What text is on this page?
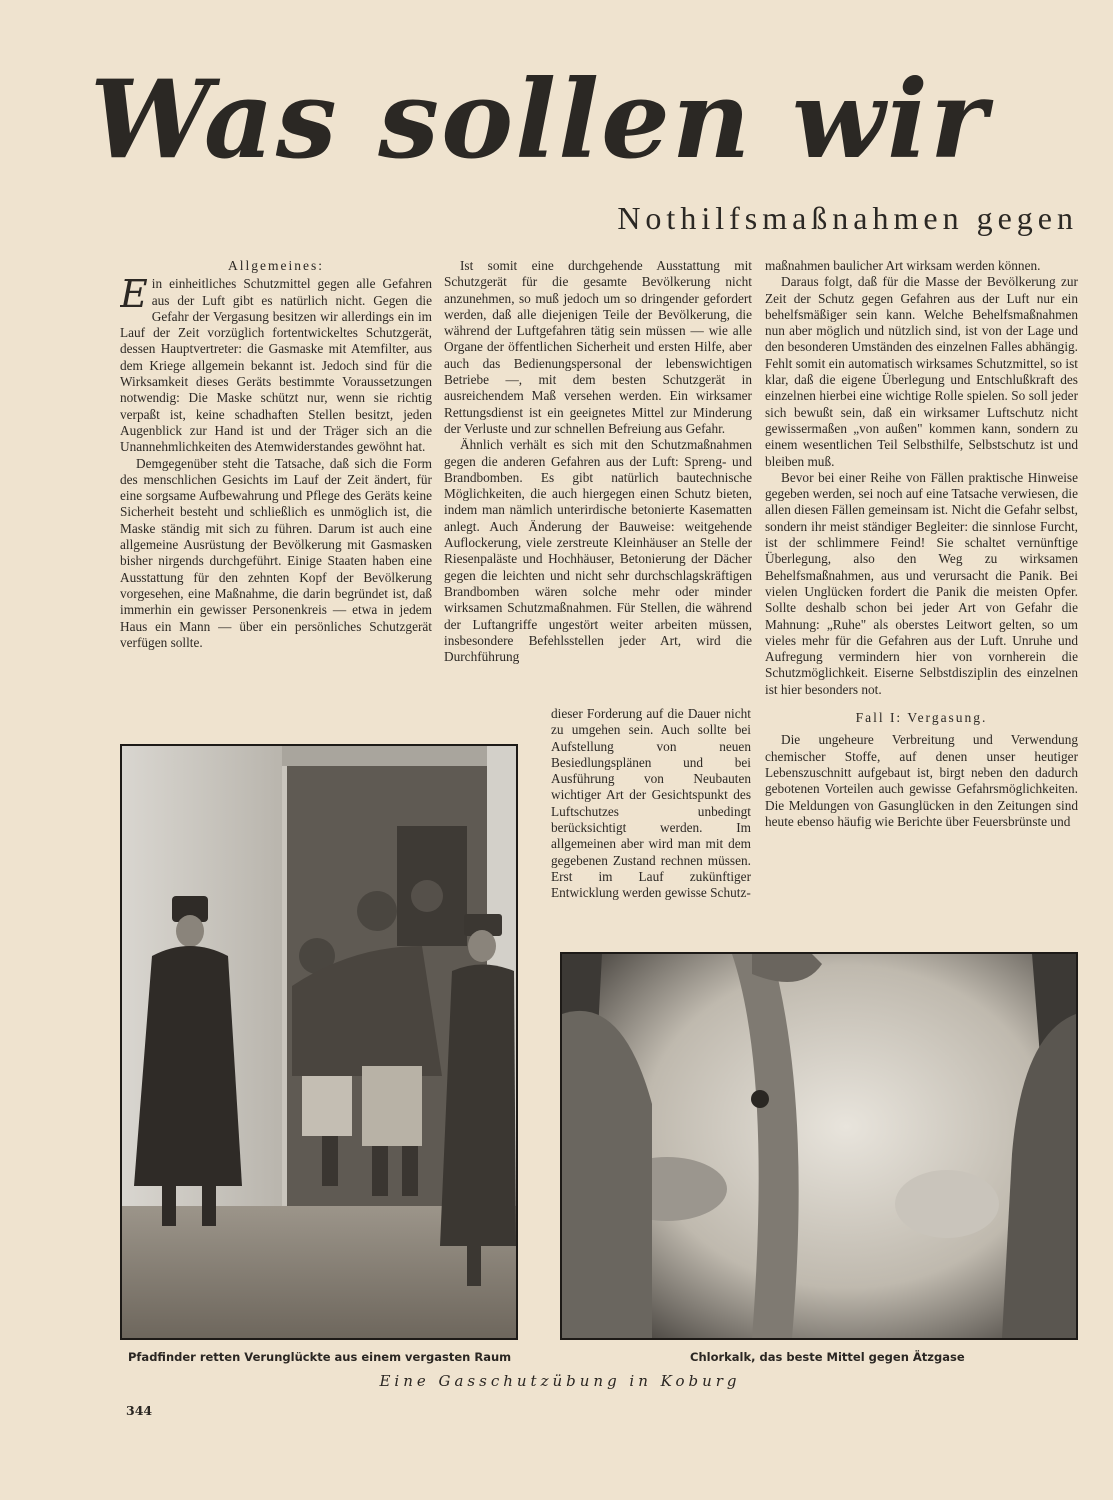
Was sollen wir
Nothilfsmaßnahmen gegen
Allgemeines:

Ein einheitliches Schutzmittel gegen alle Gefahren aus der Luft gibt es natürlich nicht. Gegen die Gefahr der Vergasung besitzen wir allerdings ein im Lauf der Zeit vorzüglich fortentwickeltes Schutzgerät, dessen Hauptvertreter: die Gasmaske mit Atemfilter, aus dem Kriege allgemein bekannt ist. Jedoch sind für die Wirksamkeit dieses Geräts bestimmte Voraussetzungen notwendig: Die Maske schützt nur, wenn sie richtig verpaßt ist, keine schadhaften Stellen besitzt, jeden Augenblick zur Hand ist und der Träger sich an die Unannehmlichkeiten des Atemwiderstandes gewöhnt hat.

Demgegenüber steht die Tatsache, daß sich die Form des menschlichen Gesichts im Lauf der Zeit ändert, für eine sorgsame Aufbewahrung und Pflege des Geräts keine Sicherheit besteht und schließlich es unmöglich ist, die Maske ständig mit sich zu führen. Darum ist auch eine allgemeine Ausrüstung der Bevölkerung mit Gasmasken bisher nirgends durchgeführt. Einige Staaten haben eine Ausstattung für den zehnten Kopf der Bevölkerung vorgesehen, eine Maßnahme, die darin begründet ist, daß immerhin ein gewisser Personenkreis — etwa in jedem Haus ein Mann — über ein persönliches Schutzgerät verfügen sollte.

Ist somit eine durchgehende Ausstattung mit Schutzgerät für die gesamte Bevölkerung nicht anzunehmen, so muß jedoch um so dringender gefordert werden, daß alle diejenigen Teile der Bevölkerung, die während der Luftgefahren tätig sein müssen — wie alle Organe der öffentlichen Sicherheit und ersten Hilfe, aber auch das Bedienungspersonal der lebenswichtigen Betriebe —, mit dem besten Schutzgerät in ausreichendem Maß versehen werden. Ein wirksamer Rettungsdienst ist ein geeignetes Mittel zur Minderung der Verluste und zur schnellen Befreiung aus Gefahr.

Ähnlich verhält es sich mit den Schutzmaßnahmen gegen die anderen Gefahren aus der Luft: Spreng- und Brandbomben. Es gibt natürlich bautechnische Möglichkeiten, die auch hiergegen einen Schutz bieten, indem man nämlich unterirdische betonierte Kasematten anlegt. Auch Änderung der Bauweise: weitgehende Auflockerung, viele zerstreute Kleinhäuser an Stelle der Riesenpaläste und Hochhäuser, Betonierung der Dächer gegen die leichten und nicht sehr durchschlagskräftigen Brandbomben wären solche mehr oder minder wirksamen Schutzmaßnahmen. Für Stellen, die während der Luftangriffe ungestört weiter arbeiten müssen, insbesondere Befehlsstellen jeder Art, wird die Durchführung

dieser Forderung auf die Dauer nicht zu umgehen sein. Auch sollte bei Aufstellung von neuen Besiedlungsplänen und bei Ausführung von Neubauten wichtiger Art der Gesichtspunkt des Luftschutzes unbedingt berücksichtigt werden. Im allgemeinen aber wird man mit dem gegebenen Zustand rechnen müssen. Erst im Lauf zukünftiger Entwicklung werden gewisse Schutz-

maßnahmen baulicher Art wirksam werden können.

Daraus folgt, daß für die Masse der Bevölkerung zur Zeit der Schutz gegen Gefahren aus der Luft nur ein behelfsmäßiger sein kann. Welche Behelfsmaßnahmen nun aber möglich und nützlich sind, ist von der Lage und den besonderen Umständen des einzelnen Falles abhängig. Fehlt somit ein automatisch wirksames Schutzmittel, so ist klar, daß die eigene Überlegung und Entschlußkraft des einzelnen hierbei eine wichtige Rolle spielen. So soll jeder sich bewußt sein, daß ein wirksamer Luftschutz nicht gewissermaßen „von außen" kommen kann, sondern zu einem wesentlichen Teil Selbsthilfe, Selbstschutz ist und bleiben muß.

Bevor bei einer Reihe von Fällen praktische Hinweise gegeben werden, sei noch auf eine Tatsache verwiesen, die allen diesen Fällen gemeinsam ist. Nicht die Gefahr selbst, sondern ihr meist ständiger Begleiter: die sinnlose Furcht, ist der schlimmere Feind! Sie schaltet vernünftige Überlegung, also den Weg zu wirksamen Behelfsmaßnahmen, aus und verursacht die Panik. Bei vielen Unglücken fordert die Panik die meisten Opfer. Sollte deshalb schon bei jeder Art von Gefahr die Mahnung: „Ruhe" als oberstes Leitwort gelten, so um vieles mehr für die Gefahren aus der Luft. Unruhe und Aufregung vermindern hier von vornherein die Schutzmöglichkeit. Eiserne Selbstdisziplin des einzelnen ist hier besonders not.

Fall I: Vergasung.

Die ungeheure Verbreitung und Verwendung chemischer Stoffe, auf denen unser heutiger Lebenszuschnitt aufgebaut ist, birgt neben den dadurch gebotenen Vorteilen auch gewisse Gefahrsmöglichkeiten. Die Meldungen von Gasunglücken in den Zeitungen sind heute ebenso häufig wie Berichte über Feuersbrünste und

Pfadfinder retten Verunglückte aus einem vergasten Raum	Chlorkalk, das beste Mittel gegen Ätzgase
Eine Gasschutzübung in Koburg
344
